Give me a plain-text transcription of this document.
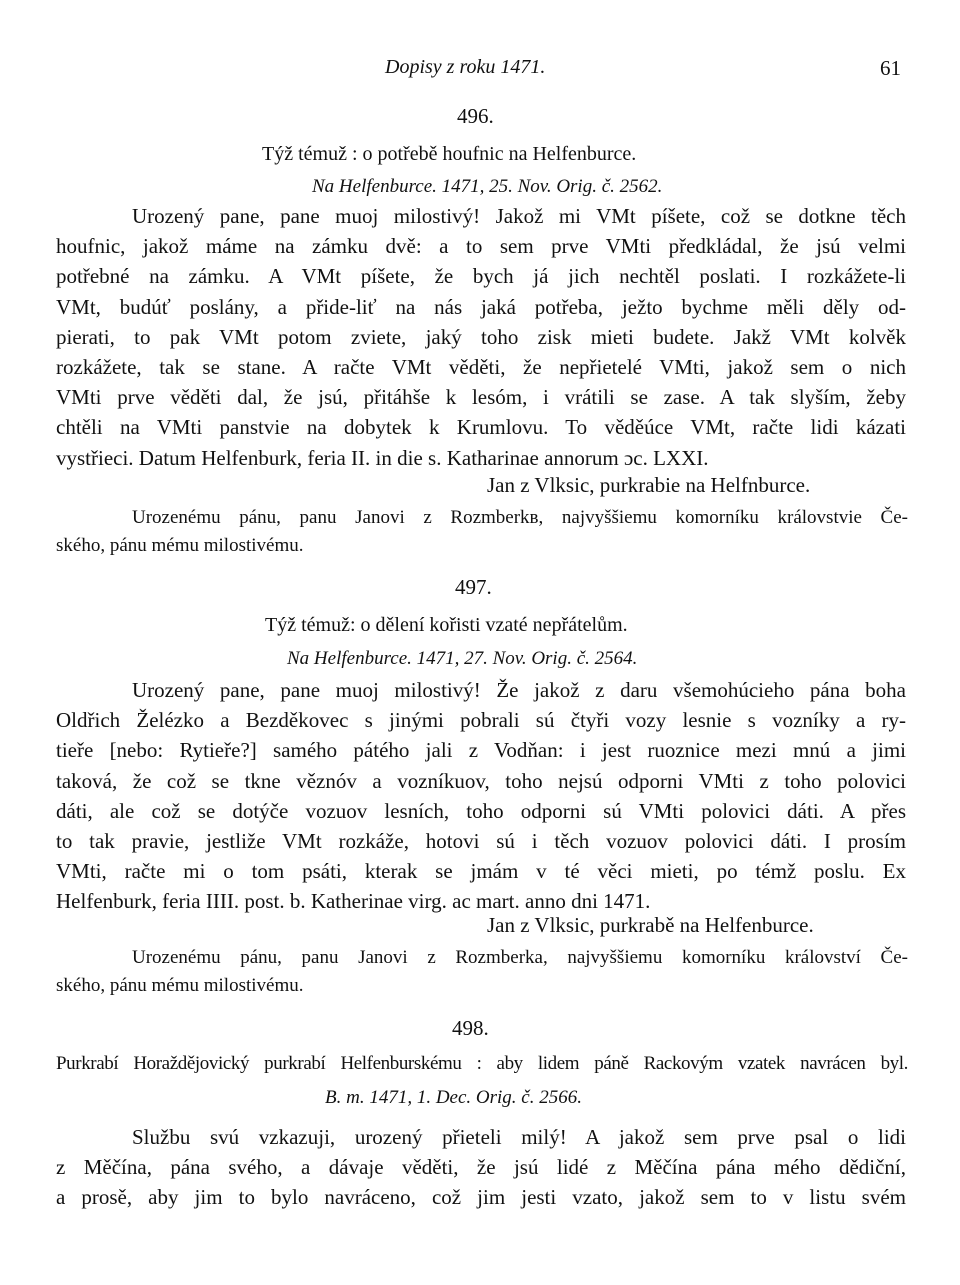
Dopisy z roku 1471.	61
496.
Týž témuž : o potřebě houfnic na Helfenburce.
Na Helfenburce. 1471, 25. Nov. Orig. č. 2562.
Urozený pane, pane muoj milostivý! Jakož mi VMt píšete, což se dotkne těch
houfnic, jakož máme na zámku dvě: a to sem prve VMti předkládal, že jsú velmi
potřebné na zámku. A VMt píšete, že bych já jich nechtěl poslati. I rozkážete-li
VMt, budúť poslány, a přide-liť na nás jaká potřeba, ježto bychme měli děly od-
pierati, to pak VMt potom zviete, jaký toho zisk mieti budete. Jakž VMt kolvěk
rozkážete, tak se stane. A račte VMt věděti, že nepřietelé VMti, jakož sem o nich
VMti prve věděti dal, že jsú, přitáhše k lesóm, i vrátili se zase. A tak slyším, žeby
chtěli na VMti panstvie na dobytek k Krumlovu. To věděúce VMt, račte lidi kázati
vystřieci. Datum Helfenburk, feria II. in die s. Katharinae annorum ɔc. LXXI.
Jan z Vlksic, purkrabie na Helfnburce.
Urozenému pánu, panu Janovi z Rozmberkв, najvyššiemu komorníku královstvie Če-
ského, pánu mému milostivému.
497.
Týž témuž: o dělení kořisti vzaté nepřátelům.
Na Helfenburce. 1471, 27. Nov. Orig. č. 2564.
Urozený pane, pane muoj milostivý! Že jakož z daru všemohúcieho pána boha
Oldřich Želézko a Bezděkovec s jinými pobrali sú čtyři vozy lesnie s vozníky a ry-
tieře [nebo: Rytieře?] samého pátého jali z Vodňan: i jest ruoznice mezi mnú a jimi
taková, že což se tkne věznóv a vozníkuov, toho nejsú odporni VMti z toho polovici
dáti, ale což se dotýče vozuov lesních, toho odporni sú VMti polovici dáti. A přes
to tak pravie, jestliže VMt rozkáže, hotovi sú i těch vozuov polovici dáti. I prosím
VMti, račte mi o tom psáti, kterak se jmám v té věci mieti, po témž poslu. Ex
Helfenburk, feria IIII. post. b. Katherinae virg. ac mart. anno dni 1471.
Jan z Vlksic, purkrabě na Helfenburce.
Urozenému pánu, panu Janovi z Rozmberka, najvyššiemu komorníku království Če-
ského, pánu mému milostivému.
498.
Purkrabí Horaždějovický purkrabí Helfenburskému : aby lidem páně Rackovým vzatek navrácen byl.
B. m. 1471, 1. Dec. Orig. č. 2566.
Službu svú vzkazuji, urozený přieteli milý! A jakož sem prve psal o lidi
z Měčína, pána svého, a dávaje věděti, že jsú lidé z Měčína pána mého dědiční,
a prosě, aby jim to bylo navráceno, což jim jesti vzato, jakož sem to v listu svém
